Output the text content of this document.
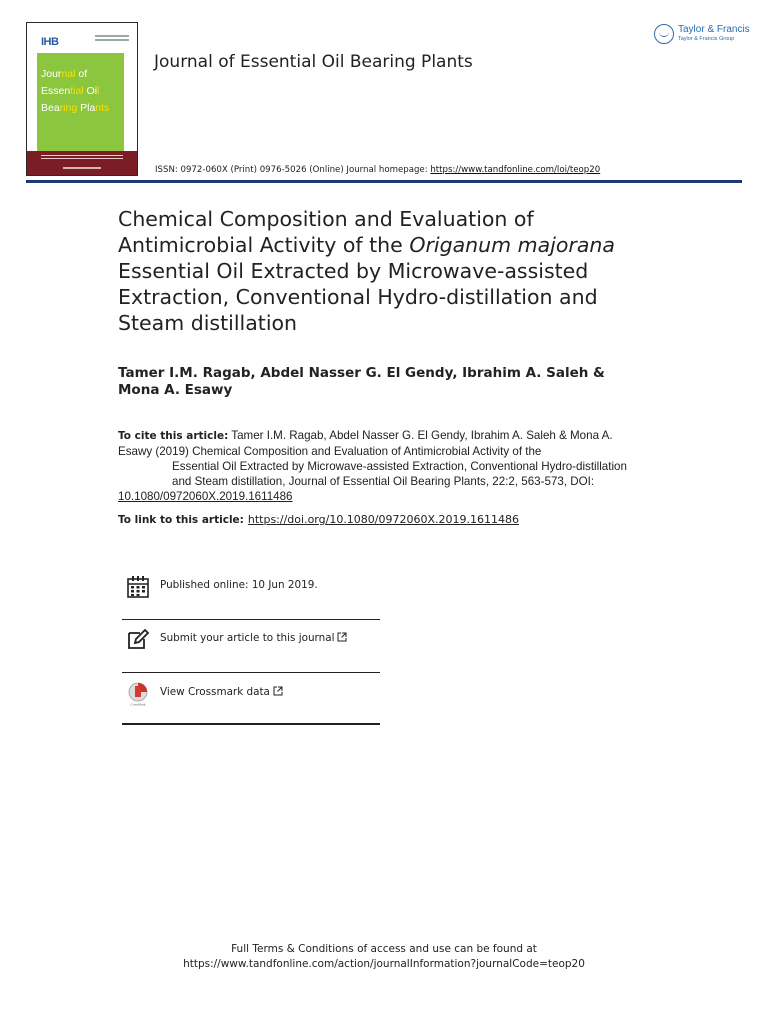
IHB
Journal of
Essential Oil
Bearing Plants
Journal of Essential Oil Bearing Plants
Taylor & Francis
Taylor & Francis Group
ISSN: 0972-060X (Print) 0976-5026 (Online) Journal homepage: https://www.tandfonline.com/loi/teop20
Chemical Composition and Evaluation of Antimicrobial Activity of the Origanum majorana Essential Oil Extracted by Microwave-assisted Extraction, Conventional Hydro-distillation and Steam distillation
Tamer I.M. Ragab, Abdel Nasser G. El Gendy, Ibrahim A. Saleh & Mona A. Esawy
To cite this article: Tamer I.M. Ragab, Abdel Nasser G. El Gendy, Ibrahim A. Saleh & Mona A. Esawy (2019) Chemical Composition and Evaluation of Antimicrobial Activity of the
Essential Oil Extracted by Microwave-assisted Extraction, Conventional Hydro-distillation and Steam distillation, Journal of Essential Oil Bearing Plants, 22:2, 563-573, DOI:
10.1080/0972060X.2019.1611486
To link to this article: https://doi.org/10.1080/0972060X.2019.1611486
Published online: 10 Jun 2019.
Submit your article to this journal
CrossMark
View Crossmark data
Full Terms & Conditions of access and use can be found at
https://www.tandfonline.com/action/journalInformation?journalCode=teop20
